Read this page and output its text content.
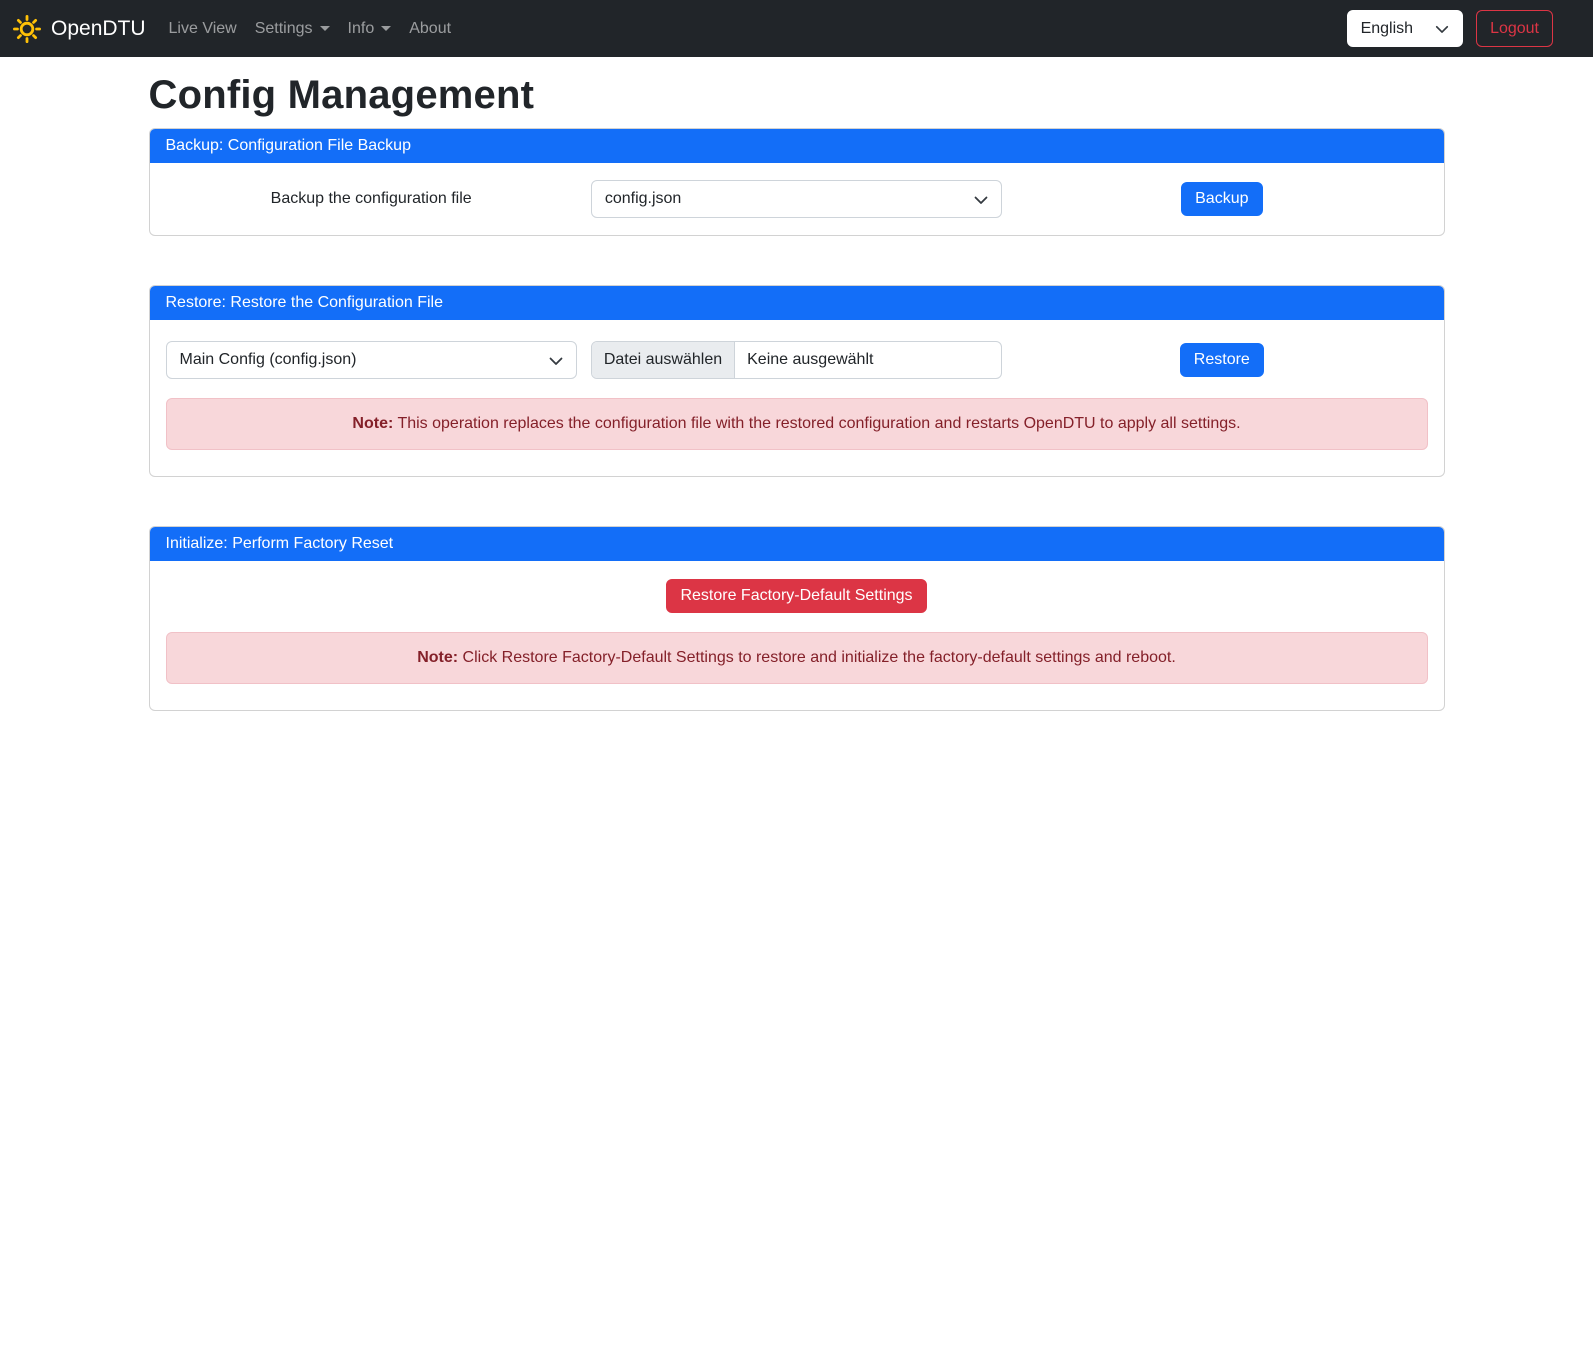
OpenDTU Live View Settings Info About	English	Logout
Config Management
Backup: Configuration File Backup
Backup the configuration file	config.json	Backup
Restore: Restore the Configuration File
Main Config (config.json)	Datei auswählen	Keine ausgewählt	Restore
Note: This operation replaces the configuration file with the restored configuration and restarts OpenDTU to apply all settings.
Initialize: Perform Factory Reset
Restore Factory-Default Settings
Note: Click Restore Factory-Default Settings to restore and initialize the factory-default settings and reboot.
